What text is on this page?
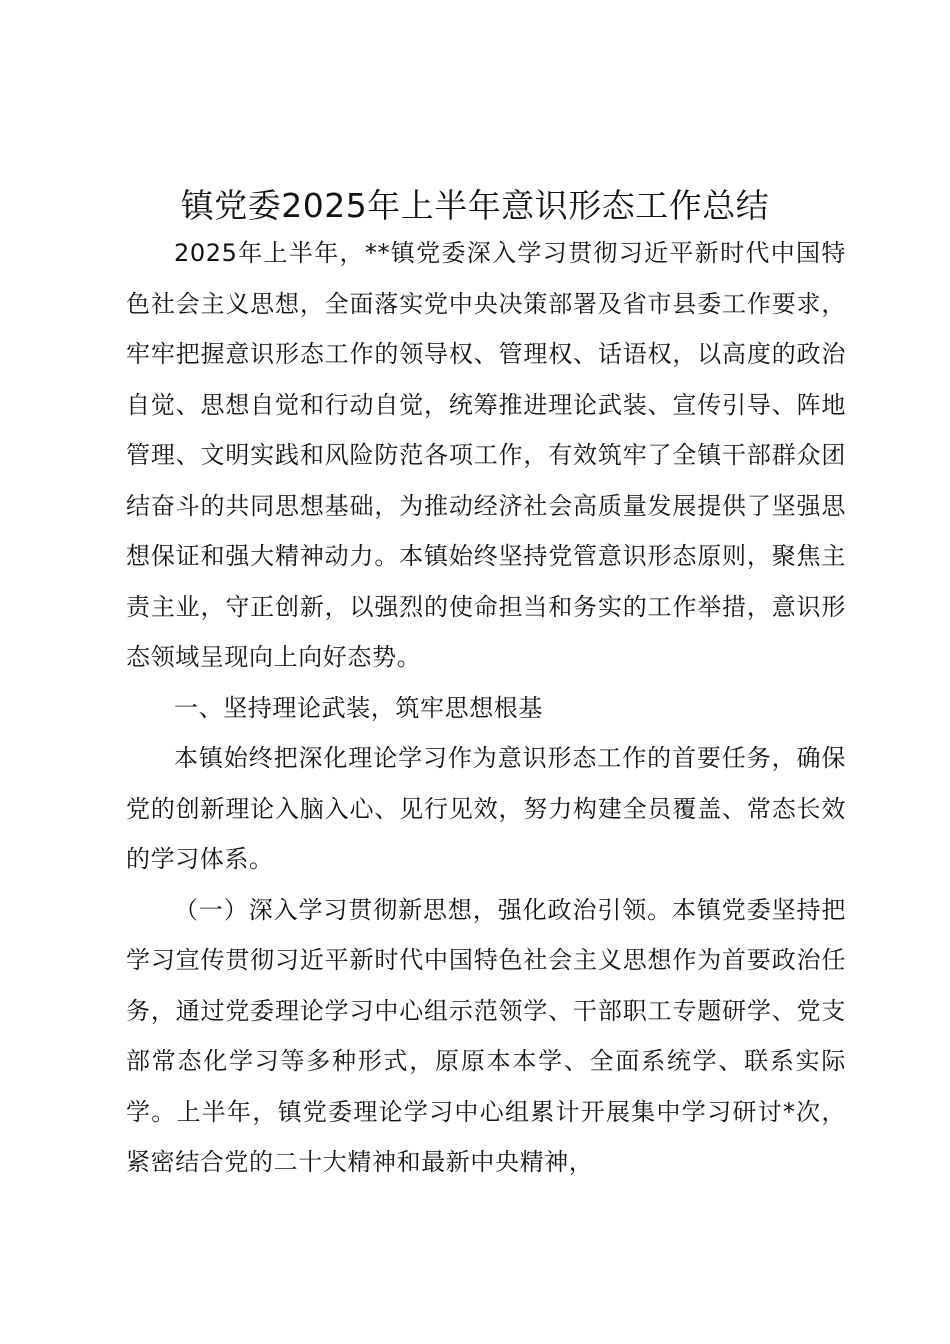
镇党委2025年上半年意识形态工作总结

2025年上半年，**镇党委深入学习贯彻习近平新时代中国特色社会主义思想，全面落实党中央决策部署及省市县委工作要求，牢牢把握意识形态工作的领导权、管理权、话语权，以高度的政治自觉、思想自觉和行动自觉，统筹推进理论武装、宣传引导、阵地管理、文明实践和风险防范各项工作，有效筑牢了全镇干部群众团结奋斗的共同思想基础，为推动经济社会高质量发展提供了坚强思想保证和强大精神动力。本镇始终坚持党管意识形态原则，聚焦主责主业，守正创新，以强烈的使命担当和务实的工作举措，意识形态领域呈现向上向好态势。

一、坚持理论武装，筑牢思想根基

本镇始终把深化理论学习作为意识形态工作的首要任务，确保党的创新理论入脑入心、见行见效，努力构建全员覆盖、常态长效的学习体系。

（一）深入学习贯彻新思想，强化政治引领。本镇党委坚持把学习宣传贯彻习近平新时代中国特色社会主义思想作为首要政治任务，通过党委理论学习中心组示范领学、干部职工专题研学、党支部常态化学习等多种形式，原原本本学、全面系统学、联系实际学。上半年，镇党委理论学习中心组累计开展集中学习研讨*次，紧密结合党的二十大精神和最新中央精神，
